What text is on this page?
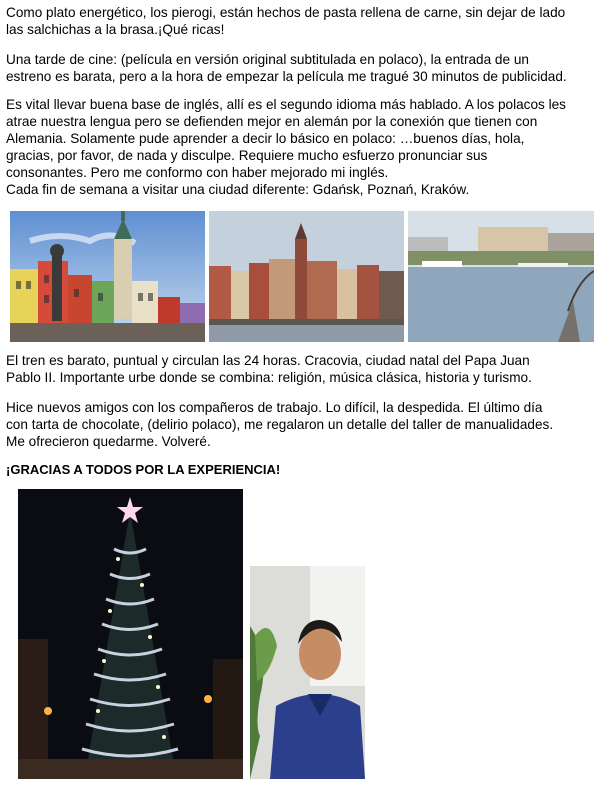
Como plato energético, los pierogi, están hechos de pasta rellena de carne, sin dejar de lado
las salchichas a la brasa.¡Qué ricas!

Una tarde de cine: (película en versión original subtitulada en polaco), la entrada de un
estreno es barata, pero a la hora de empezar la película me tragué 30 minutos de publicidad.

Es vital llevar buena base de inglés, allí es el segundo idioma más hablado. A los polacos les
atrae nuestra lengua pero se defienden mejor en alemán por la conexión que tienen con
Alemania. Solamente pude aprender a decir lo básico en polaco: …buenos días, hola,
gracias, por favor, de nada y disculpe. Requiere mucho esfuerzo pronunciar sus
consonantes. Pero me conformo con haber mejorado mi inglés.
Cada fin de semana a visitar una ciudad diferente: Gdańsk, Poznań, Kraków.

El tren es barato, puntual y circulan las 24 horas. Cracovia, ciudad natal del Papa Juan
Pablo II. Importante urbe donde se combina: religión, música clásica, historia y turismo.

Hice nuevos amigos con los compañeros de trabajo. Lo difícil, la despedida. El último día
con tarta de chocolate, (delirio polaco), me regalaron un detalle del taller de manualidades.
Me ofrecieron quedarme. Volveré.

¡GRACIAS A TODOS POR LA EXPERIENCIA!
